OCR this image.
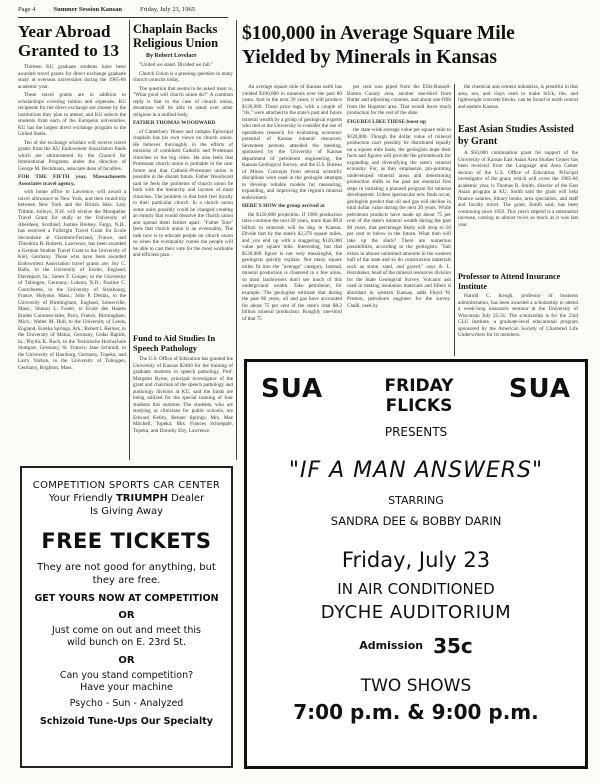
Page 4	Summer Session Kansan	Friday, July 23, 1965
Year Abroad Granted to 13

Thirteen KU graduate students have been awarded travel grants for direct exchange graduate study at overseas universities during the 1965-66 academic year.

These travel grants are in addition to scholarships covering tuition and expenses. KU recipients for the direct exchange are chosen by the institutions they plan to attend, and KU selects the students from each of the European universities. KU has the largest direct exchange program in the United States.

Ten of the exchange scholars will receive travel grants from the KU Endowment Association funds which are administered by the Council for International Programs under the direction of George M. Beckmann, associate dean of faculties.

FOR THE FIFTH year, Massachusetts Associates travel agency,

with home office in Lawrence, will award a travel allowance to New York, and then round-trip between New York and the British Isles. Lary Tribble, Jolleyo, N.H. will receive the Montpelier Travel Grant for study at the University of Aberdeen, Scotland. Justine Brelsey, Fargo, N.D., has received a Fulbright Travel Grant for Ecole Secondaire at Clermont-Ferrand, France, and Theodora B. Roberts, Lawrence, has been awarded a German Student Travel Grant to the University of Kiel, Germany. Those who have been awarded Endowment Association travel grants are: Joy C. Ballo, to the University of Exeter, England, Davenport, Ia.; James F. Cooper, to the University of Tubingen, Germany; Lokota, N.D.; Pauline C. Courcheene, to the University of Strasbourg, France, Holyoke, Mass.; John P. Dennis, to the University of Birmingham, England, Somerville, Mass.; Sharon L. Foster, to Ecole des Hautes Etudes Commerciales, Paris, France, Birmingham, Mich.; Walter M. Hull, to the University of Leeds, England, Eureka Springs, Ark.; Robert I. Reimer, to the University of Mainz, Germany, Cedar Rapids, Ia.; Phyllis K. Ruch, to the Technische Hochschule Stuttgart, Germany, St. Francis; Jane Schmidt, to the University of Hamburg, Germany, Topeka; and Larry Yarkun, to the University of Tubingen, Germany, Brighton, Mass.

Chaplain Backs Religious Union
By Robert Lovelace

"United we stand. Divided we fall."

Church Union is a pressing question in many church councils today.

The question that seems to be asked most is, "What good will church union do?" A common reply is that in the case of church union, donations will be able to stand over other religions in a unified body.

FATHER THOMAS WOODWARD

of Canterbury House and campus Episcopal chaplain has his own views on church union. He believes thoroughly in the efforts of missions of combined Catholic and Protestant churches in the big cities. He also feels that Protestant church union is probable in the near future and that Catholic-Protestant union is possible in the distant future. Father Woodward said he feels the problems of church union lie both with the hierarchy and laymen of most churches. The problem is that both feel loyalty to their particular church. In a church union some units possibly could be changed creating an enmity that would dissolve the church union and spread them farther apart. "Father Tom" feels that church union is an eventuality. The task now is to educate people on church union so when the eventuality comes the people will be able to cast their vote for the most workable and efficient plan.

Fund to Aid Studies In Speech Pathology

The U.S. Office of Education has granted the University of Kansas $2400 for the training of graduate students in speech pathology. Prof. Margaret Byrne, principal investigator of the grant and chairman of the speech pathology and audiology division at KU, said the funds are being utilized for the special training of four students this summer. The students, who are studying as clinicians for public schools, are Edward Kelley, Benner Springs; Mrs. Mae Mitchell, Topeka; Mrs. Frances Schoepple, Topeka, and Dorothy Eby, Lawrence.

$100,000 in Average Square Mile Yielded by Minerals in Kansas

An average square mile of Kansas earth has yielded $100,000 in minerals over the past 80 years. And in the next 20 years, it will produce $120,000. Those price tags, with a couple of "ifs," were attached to the state's past and future mineral wealth by a group of geological experts who met at the University to consider the use of operations research for evaluating economic potential of Kansas mineral resources. Seventeen persons attended the meeting, sponsored by the University of Kansas department of petroleum engineering, the Kansas Geological Survey, and the U.S. Bureau of Mines. Concepts from several scientific disciplines were used in the geologist attempts to develop reliable models for measuring, expanding, and improving the region's mineral endowment.

HERE'S HOW the group arrived at

the $120,000 projection. If 1960 production rates continue the next 20 years, more than $9.8 billion in minerals will be dug in Kansas. Divide that by the state's 82,276 square miles, and you end up with a staggering $120,000 value per square mile. Interesting, but that $120,000 figure is not very meaningful, the geologists quickly explain. Not many square miles fit into the "average" category. Instead, mineral production is clustered in a few areas, so most landowners don't see much of this underground wealth. Take petroleum, for example. The geologists estimate that during the past 80 years, oil and gas have accounted for about 75 per cent of the state's total $8.2 billion mineral production. Roughly one-third of that 75

per cent was piped from the Ellis-Russell-Barton County area, another one-third from Butler and adjoining counties, and about one-fifth from the Hugoton area. That would leave much production for the rest of the state.

FIGURES LIKE THESE boost up

the state-wide average value per square mile to $120,000. Though the dollar value of mineral production can't possibly be distributed equally on a square mile basis, the geologists hope their facts and figures will provide the groundwork for expanding and diversifying the state's mineral economy. For, as they emphasize, pin-pointing undeveloped mineral areas and determining production shifts in the past are essential first steps in initiating a planned program for mineral development. Unless spectacular new finds occur, geologists predict that oil and gas will decline in total dollar value during the next 20 years. While petroleum products have made up about 75 per cent of the state's mineral wealth during the past 80 years, that percentage likely will drop to 50 per cent or below in the future. What then will take up the slack? There are numerous possibilities, according to the geologists. "Salt exists in almost unlimited amounts in the western half of the state and so do construction materials such as stone, sand, and gravel," says A. L. Hornbaker, head of the mineral resources division for the State Geological Survey. Volcanic ash used in making insulation materials and fillers is abundant in western Kansas, adds Floyd W. Preston, petroleum engineer for the survey. Chalk, used by

the chemical and cement industries, is plentiful in that area, too, and clays used to make brick, tile, and lightweight concrete blocks, can be found in north central and eastern Kansas.

East Asian Studies Assisted by Grant

A $50,000 continuation grant for support of the University of Kansas East Asian Area Studies Center has been received from the Language and Area Center section of the U.S. Office of Education. Principal investigator of the grant, which will cover the 1965-66 academic year, is Thomas R. Smith, director of the East Asian program at KU. Smith said the grant will help finance salaries, library books, area specialists, and staff and faculty travel. The grant, Smith said, has been continuing since 1959. This year's stipend is a substantial increase, coming to almost twice as much as it was last year.

Professor to Attend Insurance Institute

Harold C. Keogh, professor of business administration, has been awarded a scholarship to attend a week-long insurance seminar at the University of Wisconsin July 25-31. The scholarship is for the 23rd CLU Institute, a graduate-level educational program sponsored by the American Society of Chartered Life Underwriters for its members.

COMPETITION SPORTS CAR CENTER
Your Friendly TRIUMPH Dealer
Is Giving Away
FREE TICKETS
They are not good for anything, but they are free.
GET YOURS NOW AT COMPETITION
OR
Just come on out and meet this wild bunch on E. 23rd St.
OR
Can you stand competition? Have your machine
Psycho - Sun - Analyzed
Schizoid Tune-Ups Our Specialty
SUA	FRIDAY FLICKS
SUA
PRESENTS
"IF A MAN ANSWERS"
STARRING
SANDRA DEE & BOBBY DARIN
Friday, July 23
IN AIR CONDITIONED
DYCHE AUDITORIUM
Admission 35c
TWO SHOWS
7:00 p.m. & 9:00 p.m.
